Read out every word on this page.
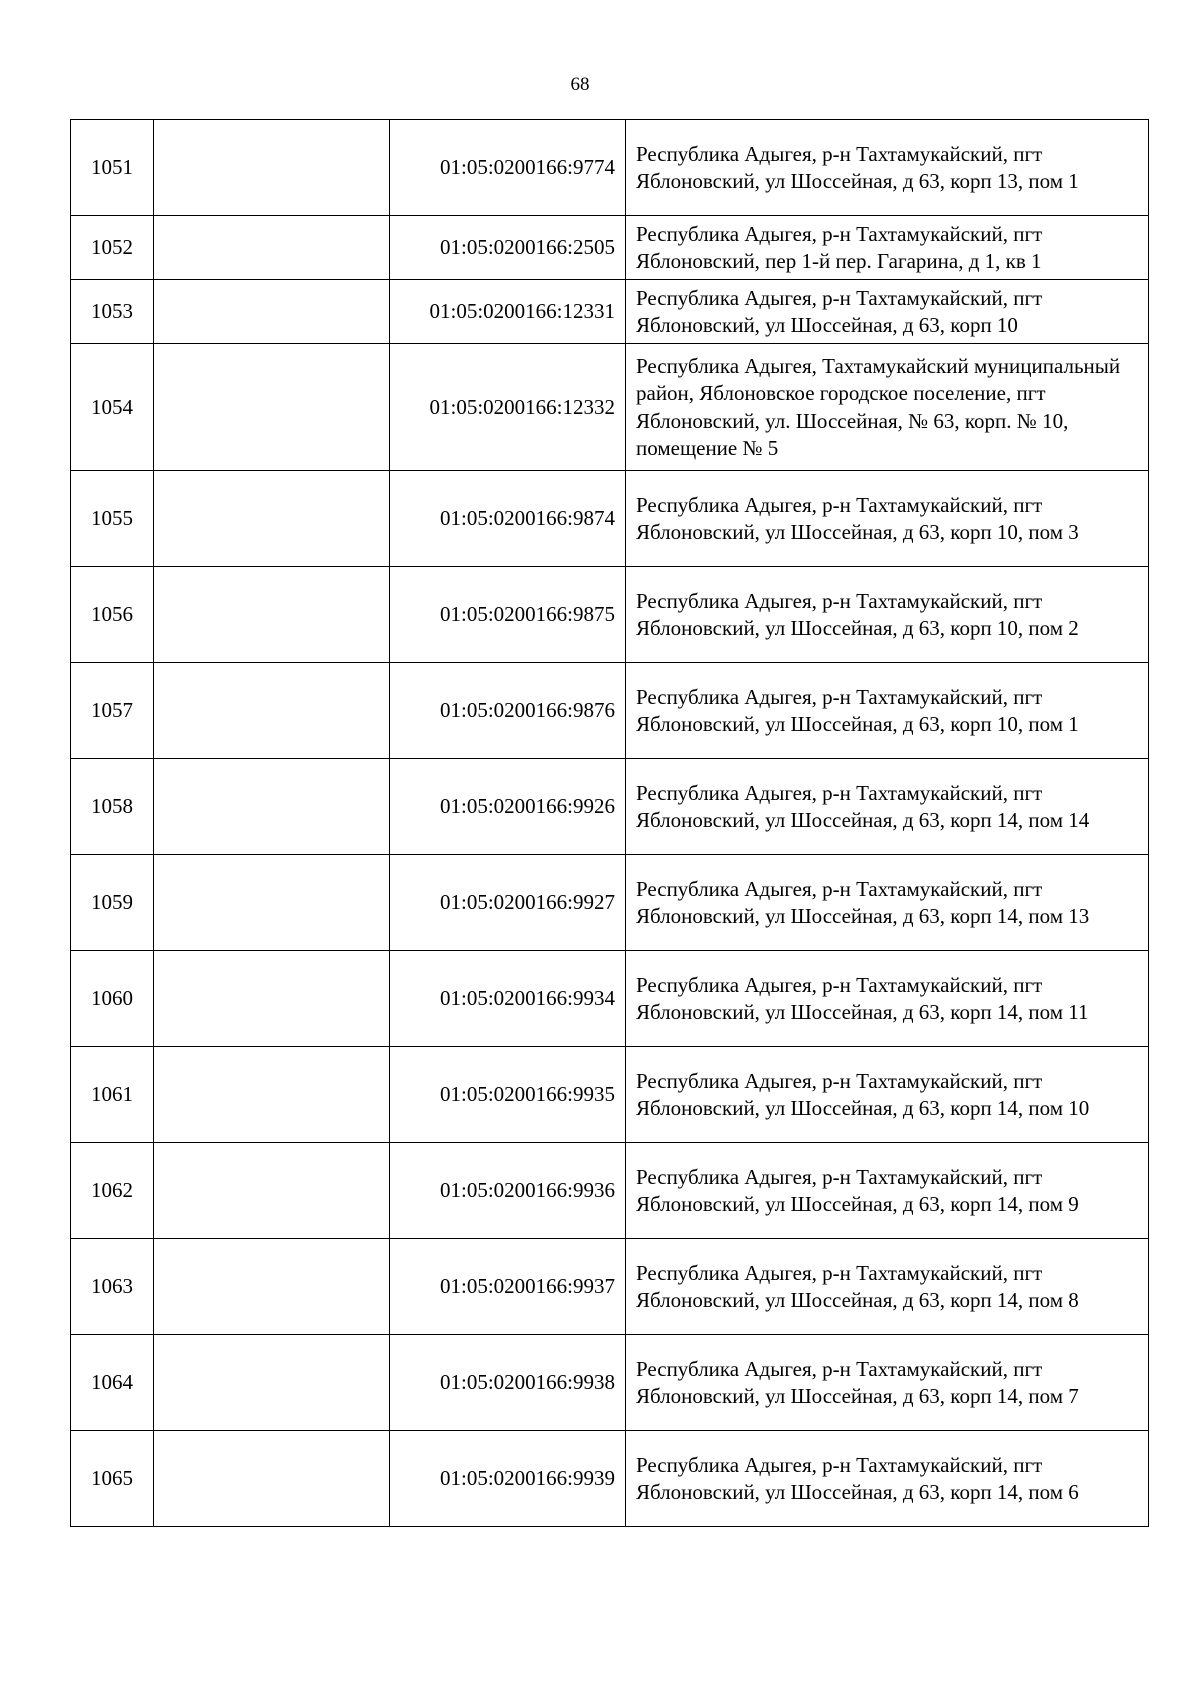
68
1051		01:05:0200166:9774	Республика Адыгея, р-н Тахтамукайский, пгт Яблоновский, ул Шоссейная, д 63, корп 13, пом 1
1052		01:05:0200166:2505	Республика Адыгея, р-н Тахтамукайский, пгт Яблоновский, пер 1-й пер. Гагарина, д 1, кв 1
1053		01:05:0200166:12331	Республика Адыгея, р-н Тахтамукайский, пгт Яблоновский, ул Шоссейная, д 63, корп 10
1054		01:05:0200166:12332	Республика Адыгея, Тахтамукайский муниципальный район, Яблоновское городское поселение, пгт Яблоновский, ул. Шоссейная, № 63, корп. № 10, помещение № 5
1055		01:05:0200166:9874	Республика Адыгея, р-н Тахтамукайский, пгт Яблоновский, ул Шоссейная, д 63, корп 10, пом 3
1056		01:05:0200166:9875	Республика Адыгея, р-н Тахтамукайский, пгт Яблоновский, ул Шоссейная, д 63, корп 10, пом 2
1057		01:05:0200166:9876	Республика Адыгея, р-н Тахтамукайский, пгт Яблоновский, ул Шоссейная, д 63, корп 10, пом 1
1058		01:05:0200166:9926	Республика Адыгея, р-н Тахтамукайский, пгт Яблоновский, ул Шоссейная, д 63, корп 14, пом 14
1059		01:05:0200166:9927	Республика Адыгея, р-н Тахтамукайский, пгт Яблоновский, ул Шоссейная, д 63, корп 14, пом 13
1060		01:05:0200166:9934	Республика Адыгея, р-н Тахтамукайский, пгт Яблоновский, ул Шоссейная, д 63, корп 14, пом 11
1061		01:05:0200166:9935	Республика Адыгея, р-н Тахтамукайский, пгт Яблоновский, ул Шоссейная, д 63, корп 14, пом 10
1062		01:05:0200166:9936	Республика Адыгея, р-н Тахтамукайский, пгт Яблоновский, ул Шоссейная, д 63, корп 14, пом 9
1063		01:05:0200166:9937	Республика Адыгея, р-н Тахтамукайский, пгт Яблоновский, ул Шоссейная, д 63, корп 14, пом 8
1064		01:05:0200166:9938	Республика Адыгея, р-н Тахтамукайский, пгт Яблоновский, ул Шоссейная, д 63, корп 14, пом 7
1065		01:05:0200166:9939	Республика Адыгея, р-н Тахтамукайский, пгт Яблоновский, ул Шоссейная, д 63, корп 14, пом 6
